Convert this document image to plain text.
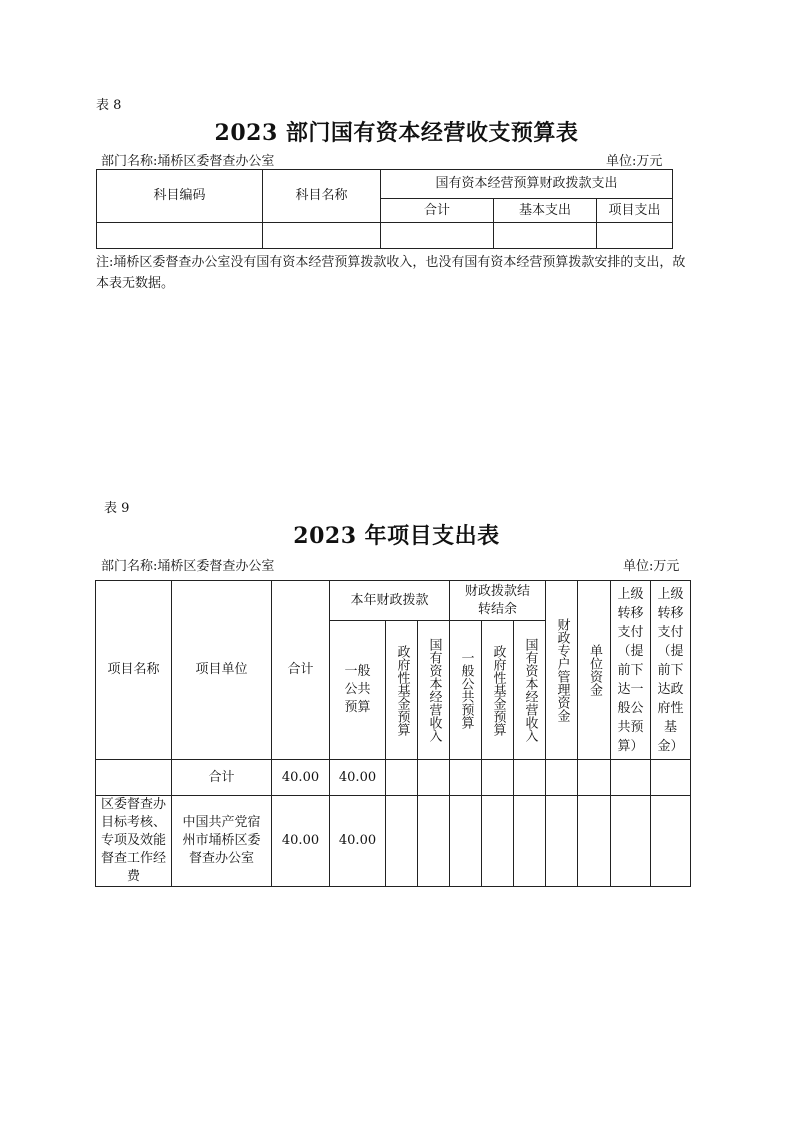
表 8
2023 部门国有资本经营收支预算表
部门名称:埇桥区委督查办公室	单位:万元
科目编码	科目名称	国有资本经营预算财政拨款支出		
		合计	基本支出	项目支出

注:埇桥区委督查办公室没有国有资本经营预算拨款收入，也没有国有资本经营预算拨款安排的支出，故本表无数据。
表 9
2023 年项目支出表
部门名称:埇桥区委督查办公室	单位:万元
项目名称	项目单位	合计	本年财政拨款			财政拨款结转结余			财政专户管理资金	单位资金	上级转移支付（提前下达一般公共预算）	上级转移支付（提前下达政府性基金）

			一般公共预算	政府性基金预算	国有资本经营收入	一般公共预算	政府性基金预算	国有资本经营收入				

	合计	40.00	40.00									

区委督查办目标考核、专项及效能督查工作经费	中国共产党宿州市埇桥区委督查办公室	40.00	40.00									
